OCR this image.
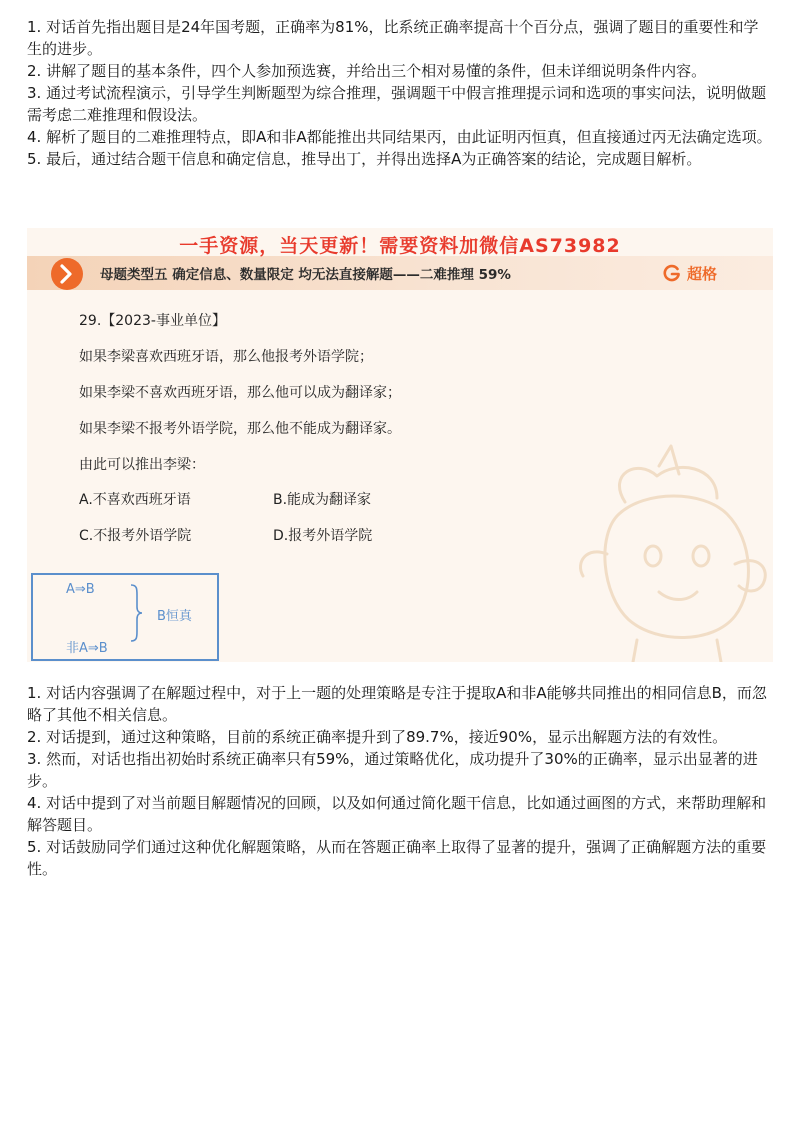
1. 对话首先指出题目是24年国考题，正确率为81%，比系统正确率提高十个百分点，强调了题目的重要性和学生的进步。

2. 讲解了题目的基本条件，四个人参加预选赛，并给出三个相对易懂的条件，但未详细说明条件内容。

3. 通过考试流程演示，引导学生判断题型为综合推理，强调题干中假言推理提示词和选项的事实问法，说明做题需考虑二难推理和假设法。

4. 解析了题目的二难推理特点，即A和非A都能推出共同结果丙，由此证明丙恒真，但直接通过丙无法确定选项。

5. 最后，通过结合题干信息和确定信息，推导出丁，并得出选择A为正确答案的结论，完成题目解析。

一手资源，当天更新！需要资料加微信AS73982
母题类型五 确定信息、数量限定 均无法直接解题——二难推理 59%	超格
29.【2023-事业单位】
如果李梁喜欢西班牙语，那么他报考外语学院；
如果李梁不喜欢西班牙语，那么他可以成为翻译家；
如果李梁不报考外语学院，那么他不能成为翻译家。
由此可以推出李梁：
A.不喜欢西班牙语	B.能成为翻译家
C.不报考外语学院	D.报考外语学院
A⇒B
非A⇒B
B恒真

1. 对话内容强调了在解题过程中，对于上一题的处理策略是专注于提取A和非A能够共同推出的相同信息B，而忽略了其他不相关信息。

2. 对话提到，通过这种策略，目前的系统正确率提升到了89.7%，接近90%，显示出解题方法的有效性。

3. 然而，对话也指出初始时系统正确率只有59%，通过策略优化，成功提升了30%的正确率，显示出显著的进步。

4. 对话中提到了对当前题目解题情况的回顾，以及如何通过简化题干信息，比如通过画图的方式，来帮助理解和解答题目。

5. 对话鼓励同学们通过这种优化解题策略，从而在答题正确率上取得了显著的提升，强调了正确解题方法的重要性。
